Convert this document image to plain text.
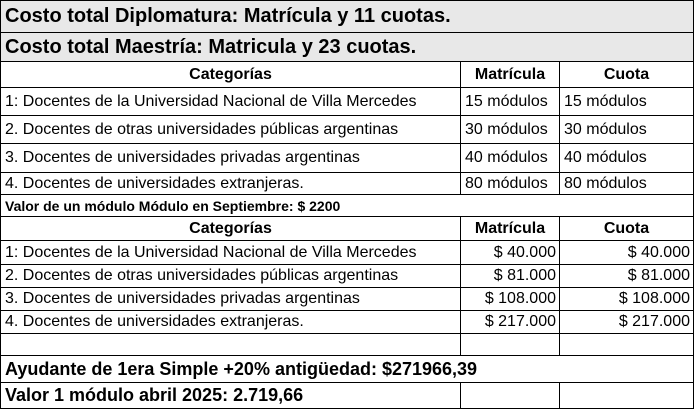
Costo total Diplomatura: Matrícula y 11 cuotas.
Costo total Maestría: Matricula y 23 cuotas.
Categorías	Matrícula	Cuota
1: Docentes de la Universidad Nacional de Villa Mercedes	15 módulos	15 módulos
2. Docentes de otras universidades públicas argentinas	30 módulos	30 módulos
3. Docentes de universidades privadas argentinas	40 módulos	40 módulos
4. Docentes de universidades extranjeras.	80 módulos	80 módulos
Valor de un módulo Módulo en Septiembre: $ 2200
Categorías	Matrícula	Cuota
1: Docentes de la Universidad Nacional de Villa Mercedes	$ 40.000	$ 40.000
2. Docentes de otras universidades públicas argentinas	$ 81.000	$ 81.000
3. Docentes de universidades privadas argentinas	$ 108.000	$ 108.000
4. Docentes de universidades extranjeras.	$ 217.000	$ 217.000
Ayudante de 1era Simple +20% antigüedad: $271966,39
Valor 1 módulo abril 2025: 2.719,66
